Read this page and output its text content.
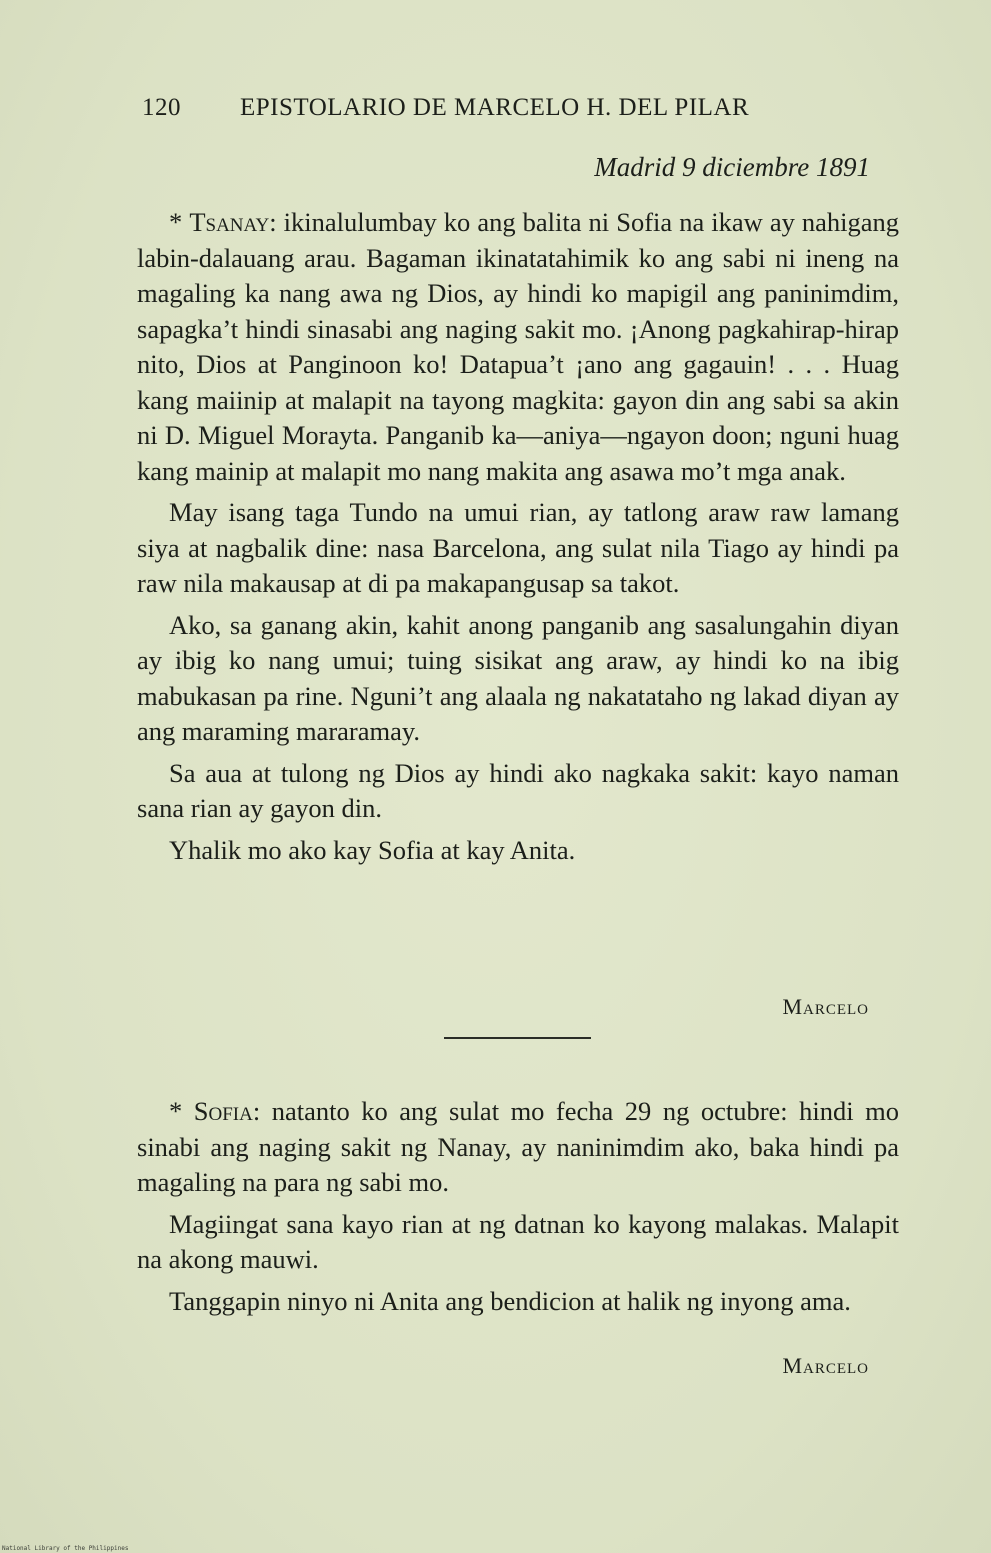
120 EPISTOLARIO DE MARCELO H. DEL PILAR
Madrid 9 diciembre 1891

* Tsanay: ikinalulumbay ko ang balita ni Sofia na ikaw ay nahigang labin-dalauang arau. Bagaman ikinatatahimik ko ang sabi ni ineng na magaling ka nang awa ng Dios, ay hindi ko mapigil ang paninimdim, sapagka’t hindi sinasabi ang naging sakit mo. ¡Anong pagkahirap-hirap nito, Dios at Panginoon ko! Datapua’t ¡ano ang gagauin! . . . Huag kang maiinip at malapit na tayong magkita: gayon din ang sabi sa akin ni D. Miguel Morayta. Panganib ka—aniya—ngayon doon; nguni huag kang mainip at malapit mo nang makita ang asawa mo’t mga anak.

May isang taga Tundo na umui rian, ay tatlong araw raw lamang siya at nagbalik dine: nasa Barcelona, ang sulat nila Tiago ay hindi pa raw nila makausap at di pa makapangusap sa takot.

Ako, sa ganang akin, kahit anong panganib ang sasalungahin diyan ay ibig ko nang umui; tuing sisikat ang araw, ay hindi ko na ibig mabukasan pa rine. Nguni’t ang alaala ng nakatataho ng lakad diyan ay ang maraming mararamay.

Sa aua at tulong ng Dios ay hindi ako nagkaka sakit: kayo naman sana rian ay gayon din.

Yhalik mo ako kay Sofia at kay Anita.

Marcelo

* Sofia: natanto ko ang sulat mo fecha 29 ng octubre: hindi mo sinabi ang naging sakit ng Nanay, ay naninimdim ako, baka hindi pa magaling na para ng sabi mo.

Magiingat sana kayo rian at ng datnan ko kayong malakas. Malapit na akong mauwi.

Tanggapin ninyo ni Anita ang bendicion at halik ng inyong ama.

Marcelo
National Library of the Philippines
